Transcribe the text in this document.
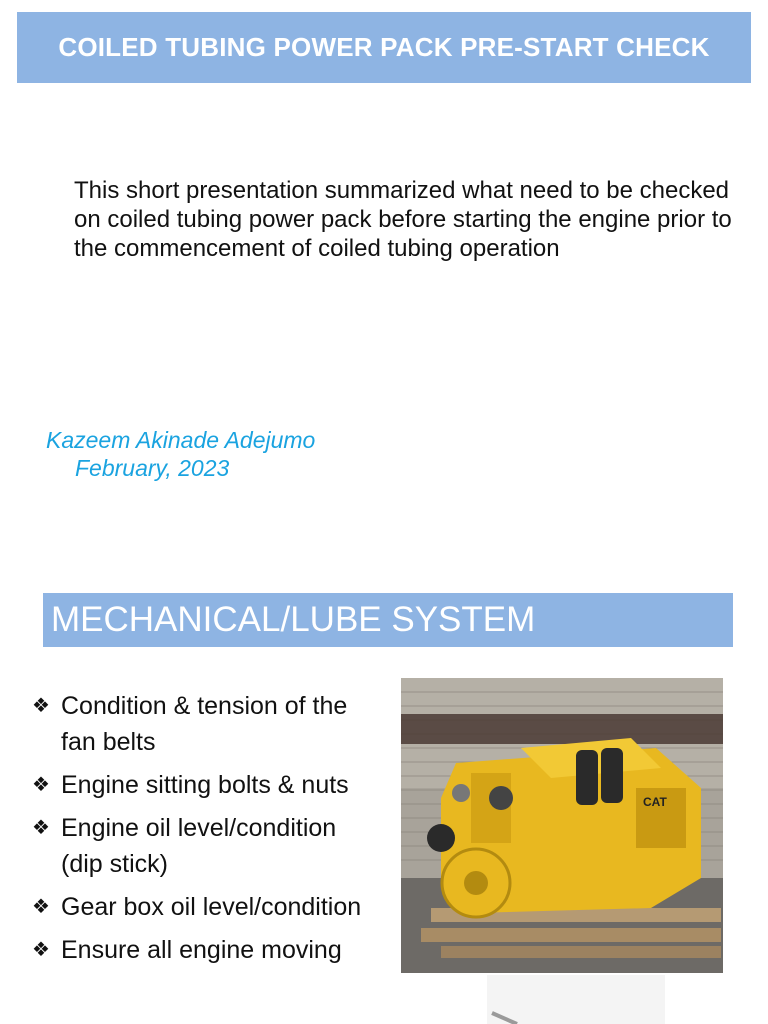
COILED TUBING POWER PACK PRE-START CHECK
This short presentation summarized what need to be checked on coiled tubing power pack before starting the engine prior to the commencement of coiled tubing operation
Kazeem Akinade Adejumo
February, 2023
MECHANICAL/LUBE SYSTEM
❖ Condition & tension of the fan belts
❖ Engine sitting bolts & nuts
❖ Engine oil level/condition (dip stick)
❖ Gear box oil level/condition
❖ Ensure all engine moving
CAT
